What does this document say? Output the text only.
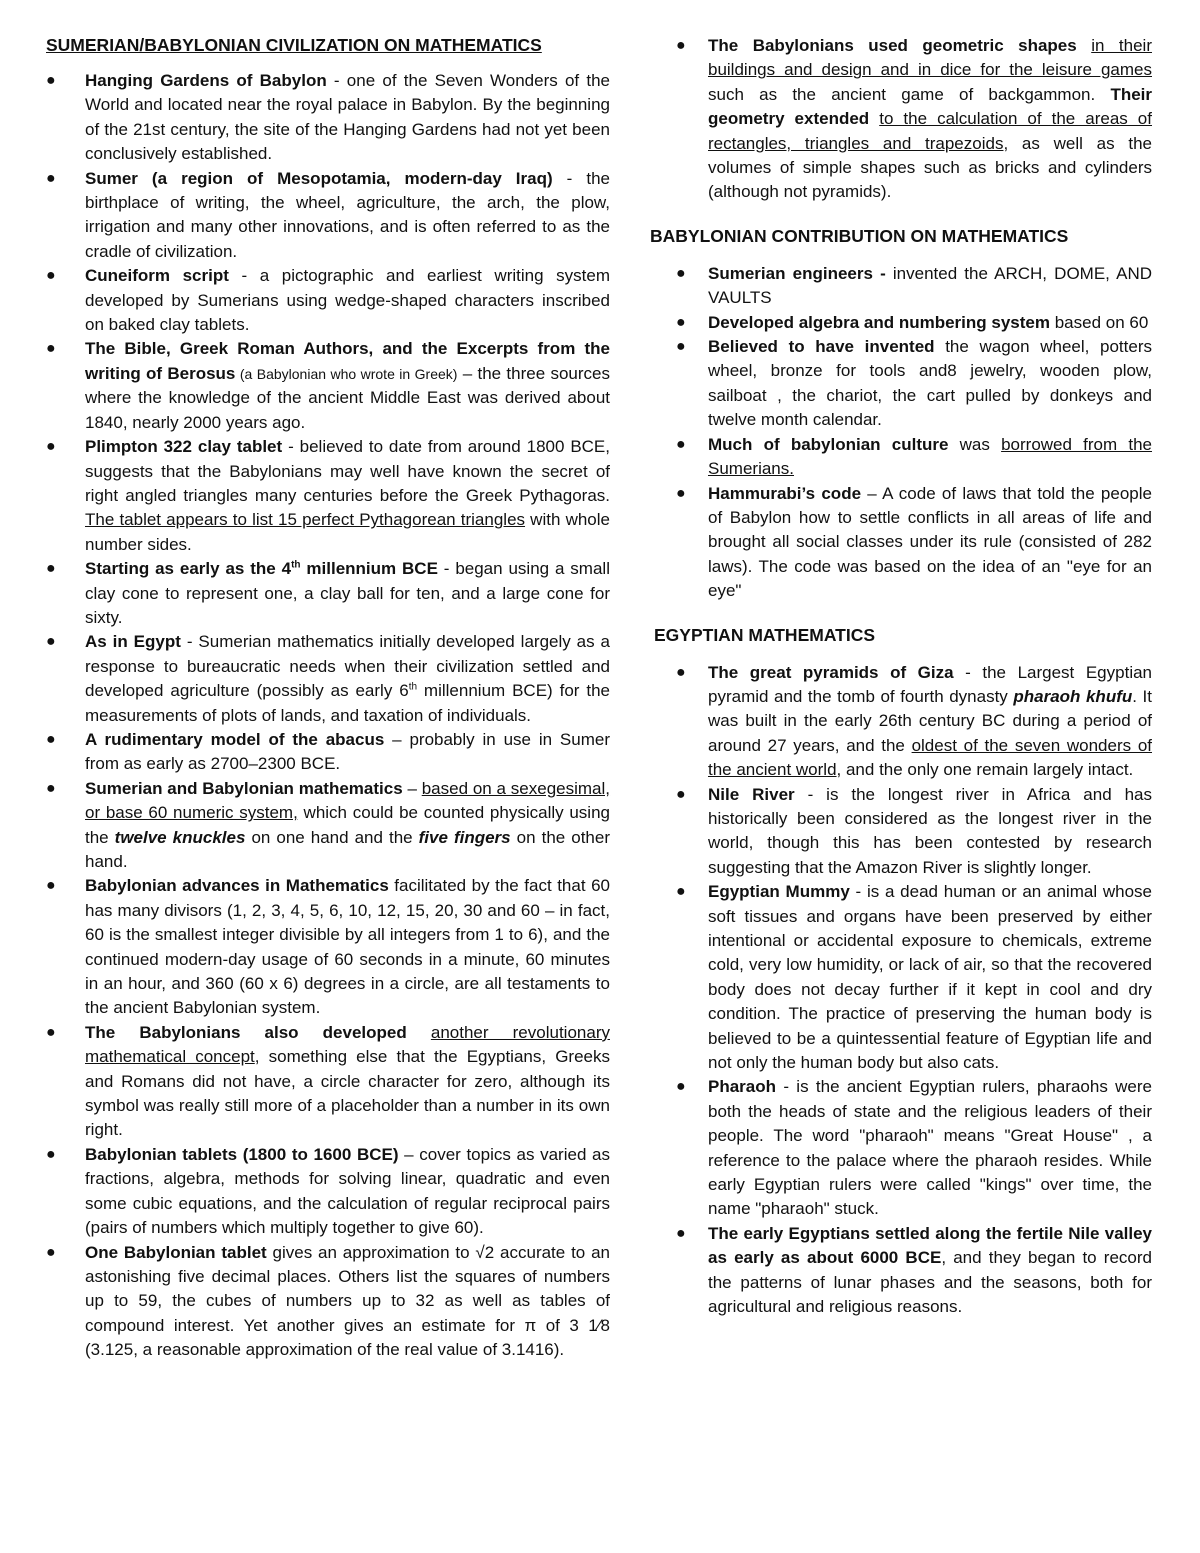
SUMERIAN/BABYLONIAN CIVILIZATION ON MATHEMATICS
●	Hanging Gardens of Babylon - one of the Seven Wonders of the World and located near the royal palace in Babylon. By the beginning of the 21st century, the site of the Hanging Gardens had not yet been conclusively established.
●	Sumer (a region of Mesopotamia, modern-day Iraq) - the birthplace of writing, the wheel, agriculture, the arch, the plow, irrigation and many other innovations, and is often referred to as the cradle of civilization.
●	Cuneiform script - a pictographic and earliest writing system developed by Sumerians using wedge-shaped characters inscribed on baked clay tablets.
●	The Bible, Greek Roman Authors, and the Excerpts from the writing of Berosus (a Babylonian who wrote in Greek) – the three sources where the knowledge of the ancient Middle East was derived about 1840, nearly 2000 years ago.
●	Plimpton 322 clay tablet - believed to date from around 1800 BCE, suggests that the Babylonians may well have known the secret of right angled triangles many centuries before the Greek Pythagoras. The tablet appears to list 15 perfect Pythagorean triangles with whole number sides.
●	Starting as early as the 4th millennium BCE - began using a small clay cone to represent one, a clay ball for ten, and a large cone for sixty.
●	As in Egypt - Sumerian mathematics initially developed largely as a response to bureaucratic needs when their civilization settled and developed agriculture (possibly as early 6th millennium BCE) for the measurements of plots of lands, and taxation of individuals.
●	A rudimentary model of the abacus – probably in use in Sumer from as early as 2700–2300 BCE.
●	Sumerian and Babylonian mathematics – based on a sexegesimal, or base 60 numeric system, which could be counted physically using the twelve knuckles on one hand and the five fingers on the other hand.
●	Babylonian advances in Mathematics facilitated by the fact that 60 has many divisors (1, 2, 3, 4, 5, 6, 10, 12, 15, 20, 30 and 60 – in fact, 60 is the smallest integer divisible by all integers from 1 to 6), and the continued modern-day usage of 60 seconds in a minute, 60 minutes in an hour, and 360 (60 x 6) degrees in a circle, are all testaments to the ancient Babylonian system.
●	The Babylonians also developed another revolutionary mathematical concept, something else that the Egyptians, Greeks and Romans did not have, a circle character for zero, although its symbol was really still more of a placeholder than a number in its own right.
●	Babylonian tablets (1800 to 1600 BCE) – cover topics as varied as fractions, algebra, methods for solving linear, quadratic and even some cubic equations, and the calculation of regular reciprocal pairs (pairs of numbers which multiply together to give 60).
●	One Babylonian tablet gives an approximation to √2 accurate to an astonishing five decimal places. Others list the squares of numbers up to 59, the cubes of numbers up to 32 as well as tables of compound interest. Yet another gives an estimate for π of 3 1⁄8 (3.125, a reasonable approximation of the real value of 3.1416).
●	The Babylonians used geometric shapes in their buildings and design and in dice for the leisure games such as the ancient game of backgammon. Their geometry extended to the calculation of the areas of rectangles, triangles and trapezoids, as well as the volumes of simple shapes such as bricks and cylinders (although not pyramids).
BABYLONIAN CONTRIBUTION ON MATHEMATICS
●	Sumerian engineers - invented the ARCH, DOME, AND VAULTS
●	Developed algebra and numbering system based on 60
●	Believed to have invented the wagon wheel, potters wheel, bronze for tools and8 jewelry, wooden plow, sailboat , the chariot, the cart pulled by donkeys and twelve month calendar.
●	Much of babylonian culture was borrowed from the Sumerians.
●	Hammurabi’s code – A code of laws that told the people of Babylon how to settle conflicts in all areas of life and brought all social classes under its rule (consisted of 282 laws). The code was based on the idea of an "eye for an eye"
EGYPTIAN MATHEMATICS
●	The great pyramids of Giza - the Largest Egyptian pyramid and the tomb of fourth dynasty pharaoh khufu. It was built in the early 26th century BC during a period of around 27 years, and the oldest of the seven wonders of the ancient world, and the only one remain largely intact.
●	Nile River - is the longest river in Africa and has historically been considered as the longest river in the world, though this has been contested by research suggesting that the Amazon River is slightly longer.
●	Egyptian Mummy - is a dead human or an animal whose soft tissues and organs have been preserved by either intentional or accidental exposure to chemicals, extreme cold, very low humidity, or lack of air, so that the recovered body does not decay further if it kept in cool and dry condition. The practice of preserving the human body is believed to be a quintessential feature of Egyptian life and not only the human body but also cats.
●	Pharaoh - is the ancient Egyptian rulers, pharaohs were both the heads of state and the religious leaders of their people. The word "pharaoh" means "Great House" , a reference to the palace where the pharaoh resides. While early Egyptian rulers were called "kings" over time, the name "pharaoh" stuck.
●	The early Egyptians settled along the fertile Nile valley as early as about 6000 BCE, and they began to record the patterns of lunar phases and the seasons, both for agricultural and religious reasons.
